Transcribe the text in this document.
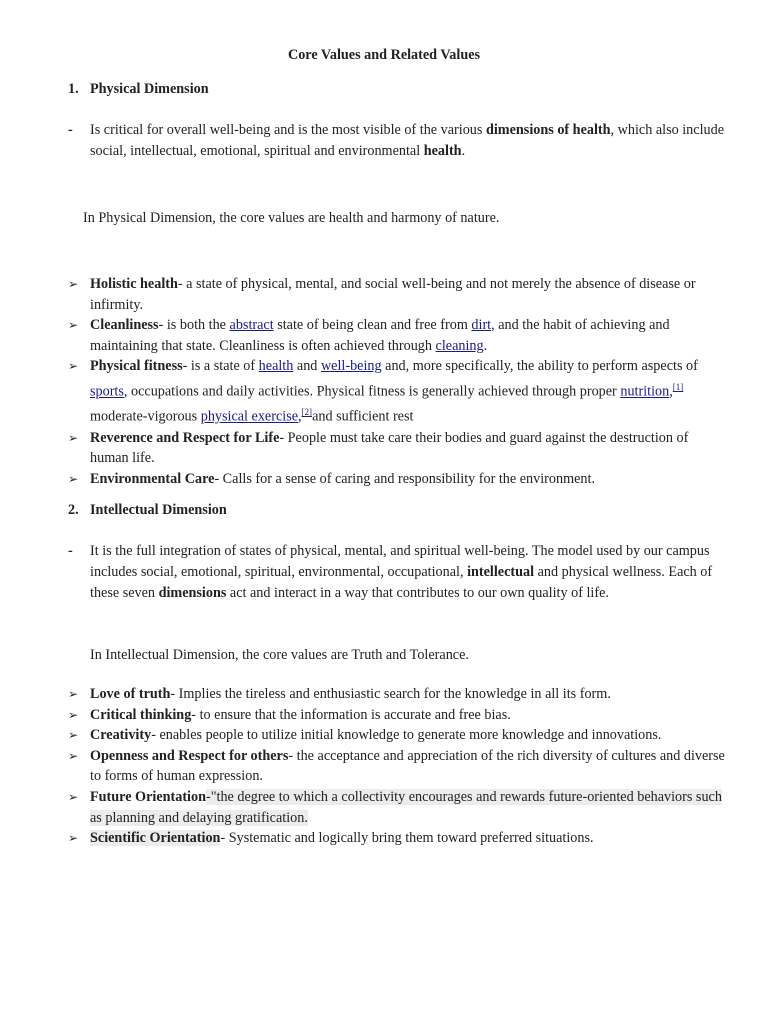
Core Values and Related Values
1. Physical Dimension
- Is critical for overall well-being and is the most visible of the various dimensions of health, which also include social, intellectual, emotional, spiritual and environmental health.
In Physical Dimension, the core values are health and harmony of nature.
➢ Holistic health- a state of physical, mental, and social well-being and not merely the absence of disease or infirmity.
➢ Cleanliness- is both the abstract state of being clean and free from dirt, and the habit of achieving and maintaining that state. Cleanliness is often achieved through cleaning.
➢ Physical fitness- is a state of health and well-being and, more specifically, the ability to perform aspects of sports, occupations and daily activities. Physical fitness is generally achieved through proper nutrition,[1] moderate-vigorous physical exercise,[2]and sufficient rest
➢ Reverence and Respect for Life- People must take care their bodies and guard against the destruction of human life.
➢ Environmental Care- Calls for a sense of caring and responsibility for the environment.
2. Intellectual Dimension
- It is the full integration of states of physical, mental, and spiritual well-being. The model used by our campus includes social, emotional, spiritual, environmental, occupational, intellectual and physical wellness. Each of these seven dimensions act and interact in a way that contributes to our own quality of life.
In Intellectual Dimension, the core values are Truth and Tolerance.
➢ Love of truth- Implies the tireless and enthusiastic search for the knowledge in all its form.
➢ Critical thinking- to ensure that the information is accurate and free bias.
➢ Creativity- enables people to utilize initial knowledge to generate more knowledge and innovations.
➢ Openness and Respect for others- the acceptance and appreciation of the rich diversity of cultures and diverse to forms of human expression.
➢ Future Orientation-"the degree to which a collectivity encourages and rewards future-oriented behaviors such as planning and delaying gratification.
➢ Scientific Orientation- Systematic and logically bring them toward preferred situations.
